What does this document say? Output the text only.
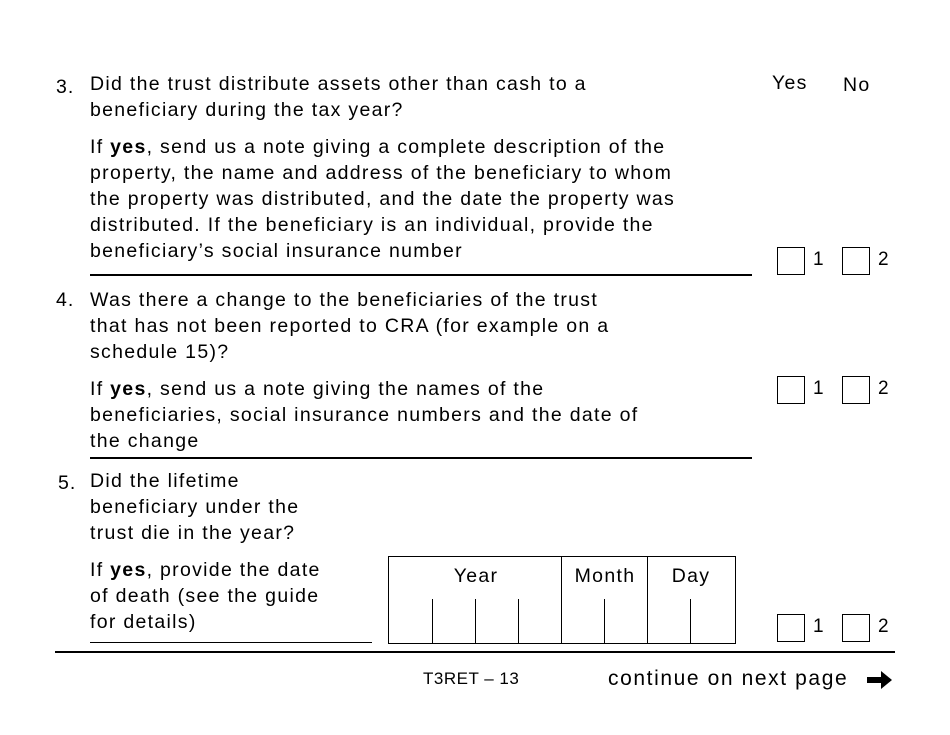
Yes No
3. Did the trust distribute assets other than cash to a
beneficiary during the tax year?
If yes, send us a note giving a complete description of the
property, the name and address of the beneficiary to whom
the property was distributed, and the date the property was
distributed. If the beneficiary is an individual, provide the
beneficiary’s social insurance number	1	2
4. Was there a change to the beneficiaries of the trust
that has not been reported to CRA (for example on a
schedule 15)?
If yes, send us a note giving the names of the
beneficiaries, social insurance numbers and the date of
the change
1	2
5. Did the lifetime
beneficiary under the
trust die in the year?
If yes, provide the date
of death (see the guide
for details)
Year	Month	Day
1	2
T3RET – 13	continue on next page
